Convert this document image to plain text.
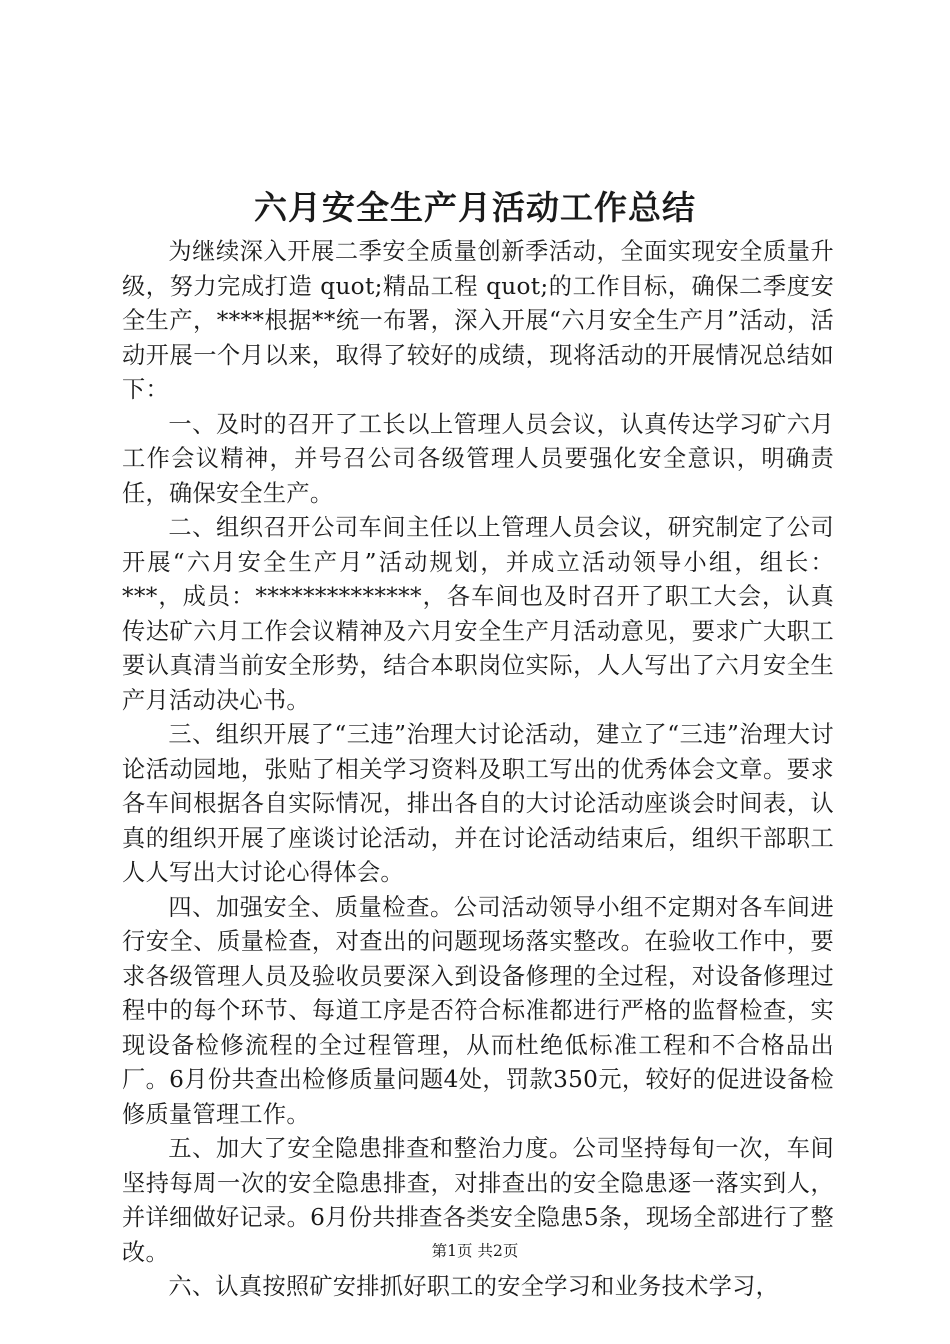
六月安全生产月活动工作总结

为继续深入开展二季安全质量创新季活动，全面实现安全质量升级，努力完成打造 quot;精品工程 quot;的工作目标，确保二季度安全生产，****根据**统一布署，深入开展“六月安全生产月”活动，活动开展一个月以来，取得了较好的成绩，现将活动的开展情况总结如下：

一、及时的召开了工长以上管理人员会议，认真传达学习矿六月工作会议精神，并号召公司各级管理人员要强化安全意识，明确责任，确保安全生产。

二、组织召开公司车间主任以上管理人员会议，研究制定了公司开展“六月安全生产月”活动规划，并成立活动领导小组，组长：***，成员：**************，各车间也及时召开了职工大会，认真传达矿六月工作会议精神及六月安全生产月活动意见，要求广大职工要认真清当前安全形势，结合本职岗位实际，人人写出了六月安全生产月活动决心书。

三、组织开展了“三违”治理大讨论活动，建立了“三违”治理大讨论活动园地，张贴了相关学习资料及职工写出的优秀体会文章。要求各车间根据各自实际情况，排出各自的大讨论活动座谈会时间表，认真的组织开展了座谈讨论活动，并在讨论活动结束后，组织干部职工人人写出大讨论心得体会。

四、加强安全、质量检查。公司活动领导小组不定期对各车间进行安全、质量检查，对查出的问题现场落实整改。在验收工作中，要求各级管理人员及验收员要深入到设备修理的全过程，对设备修理过程中的每个环节、每道工序是否符合标准都进行严格的监督检查，实现设备检修流程的全过程管理，从而杜绝低标准工程和不合格品出厂。6月份共查出检修质量问题4处，罚款350元，较好的促进设备检修质量管理工作。

五、加大了安全隐患排查和整治力度。公司坚持每旬一次，车间坚持每周一次的安全隐患排查，对排查出的安全隐患逐一落实到人，并详细做好记录。6月份共排查各类安全隐患5条，现场全部进行了整改。

六、认真按照矿安排抓好职工的安全学习和业务技术学习，

第1页 共2页
